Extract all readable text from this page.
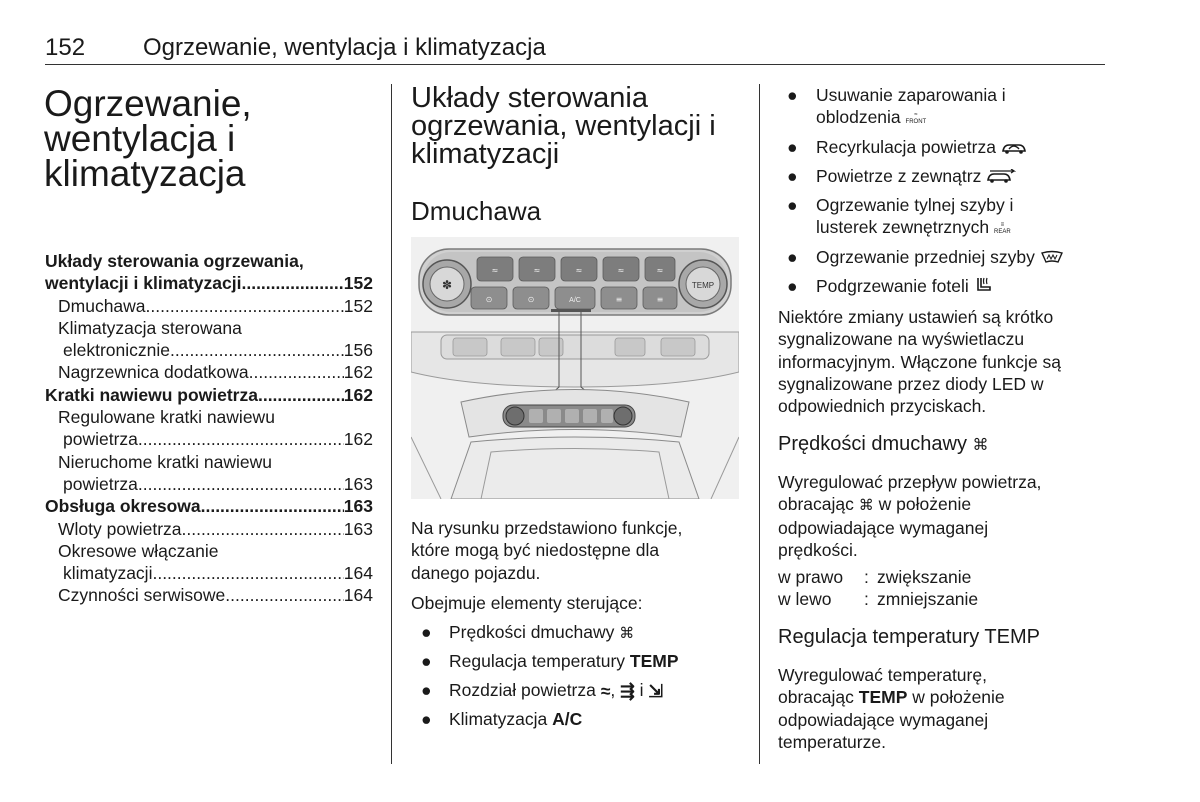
152 Ogrzewanie, wentylacja i klimatyzacja
Ogrzewanie,
wentylacja i
klimatyzacja
Układy sterowania ogrzewania,
wentylacji i klimatyzacji .....	152
Dmuchawa .....	152
Klimatyzacja sterowana
elektronicznie .....	156
Nagrzewnica dodatkowa .....	162
Kratki nawiewu powietrza .....	162
Regulowane kratki nawiewu
powietrza .....	162
Nieruchome kratki nawiewu
powietrza .....	163
Obsługa okresowa .....	163
Wloty powietrza .....	163
Okresowe włączanie
klimatyzacji .....	164
Czynności serwisowe .....	164
Układy sterowania
ogrzewania, wentylacji i
klimatyzacji
Dmuchawa
✽	TEMP
A/C
≈	≈	≈	≈	≈
⊙	⊙	≡	≡
Na rysunku przedstawiono funkcje,
które mogą być niedostępne dla
danego pojazdu.
Obejmuje elementy sterujące:
● Prędkości dmuchawy ⌘
● Regulacja temperatury TEMP
● Rozdział powietrza ≈, ⇶ i ⇲
● Klimatyzacja A/C
● Usuwanie zaparowania i
oblodzenia ≈
FRONT
● Recyrkulacja powietrza
● Powietrze z zewnątrz
● Ogrzewanie tylnej szyby i
lusterek zewnętrznych ≡
REAR
● Ogrzewanie przedniej szyby
● Podgrzewanie foteli
Niektóre zmiany ustawień są krótko
sygnalizowane na wyświetlaczu
informacyjnym. Włączone funkcje są
sygnalizowane przez diody LED w
odpowiednich przyciskach.
Prędkości dmuchawy ⌘
Wyregulować przepływ powietrza,
obracając ⌘ w położenie
odpowiadające wymaganej
prędkości.
w prawo : zwiększanie
w lewo : zmniejszanie
Regulacja temperatury TEMP
Wyregulować temperaturę,
obracając TEMP w położenie
odpowiadające wymaganej
temperaturze.
